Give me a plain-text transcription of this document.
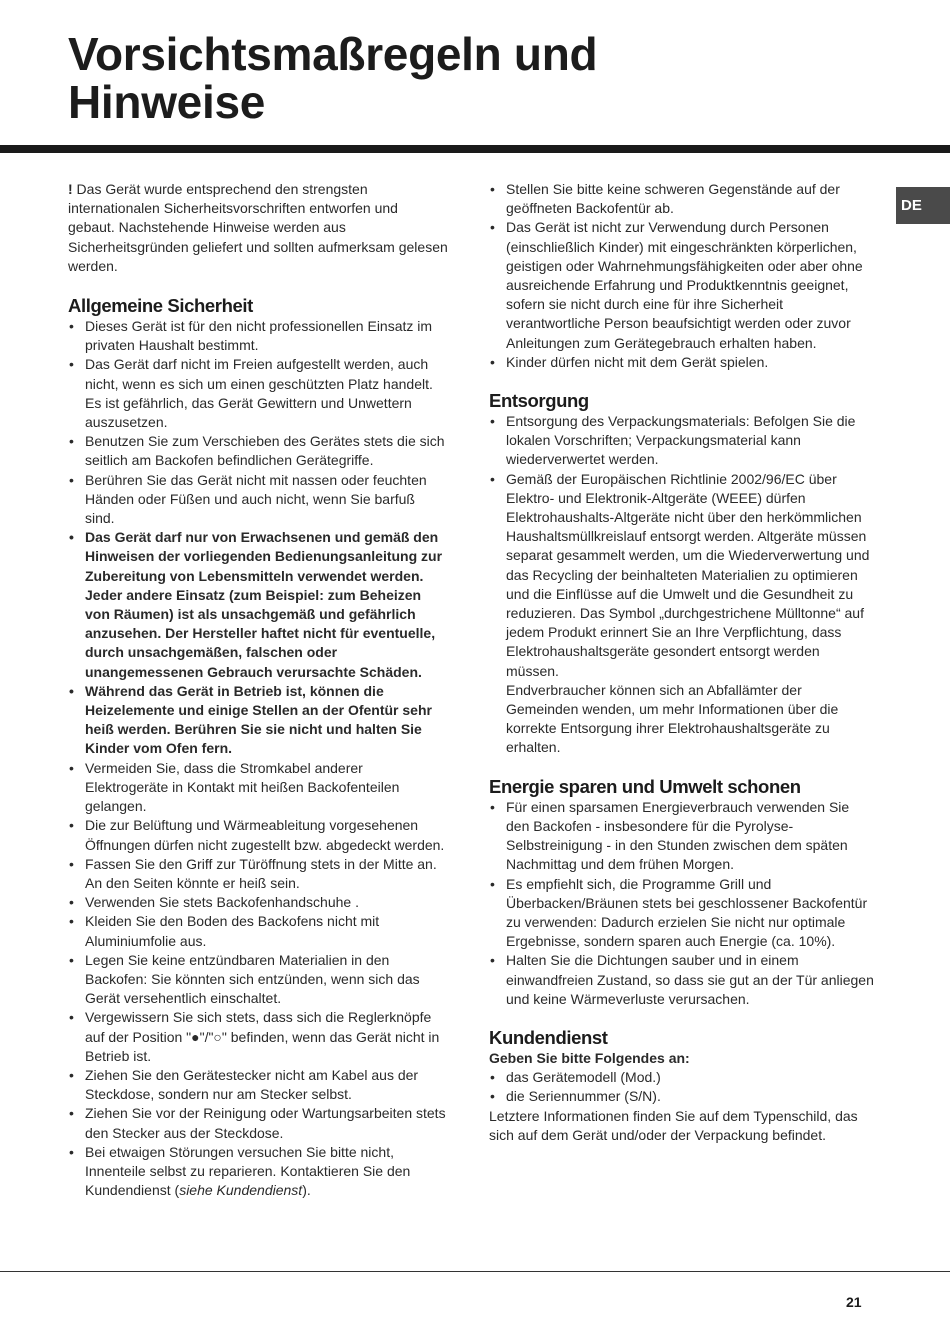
Vorsichtsmaßregeln und
Hinweise
DE

! Das Gerät wurde entsprechend den strengsten internationalen Sicherheitsvorschriften entworfen und gebaut. Nachstehende Hinweise werden aus Sicherheitsgründen geliefert und sollten aufmerksam gelesen werden.

Allgemeine Sicherheit
• Dieses Gerät ist für den nicht professionellen Einsatz im privaten Haushalt bestimmt.
• Das Gerät darf nicht im Freien aufgestellt werden, auch nicht, wenn es sich um einen geschützten Platz handelt. Es ist gefährlich, das Gerät Gewittern und Unwettern auszusetzen.
• Benutzen Sie zum Verschieben des Gerätes stets die sich seitlich am Backofen befindlichen Gerätegriffe.
• Berühren Sie das Gerät nicht mit nassen oder feuchten Händen oder Füßen und auch nicht, wenn Sie barfuß sind.
• Das Gerät darf nur von Erwachsenen und gemäß den Hinweisen der vorliegenden Bedienungsanleitung zur Zubereitung von Lebensmitteln verwendet werden. Jeder andere Einsatz (zum Beispiel: zum Beheizen von Räumen) ist als unsachgemäß und gefährlich anzusehen. Der Hersteller haftet nicht für eventuelle, durch unsachgemäßen, falschen oder unangemessenen Gebrauch verursachte Schäden.
• Während das Gerät in Betrieb ist, können die Heizelemente und einige Stellen an der Ofentür sehr heiß werden. Berühren Sie sie nicht und halten Sie Kinder vom Ofen fern.
• Vermeiden Sie, dass die Stromkabel anderer Elektrogeräte in Kontakt mit heißen Backofenteilen gelangen.
• Die zur Belüftung und Wärmeableitung vorgesehenen Öffnungen dürfen nicht zugestellt bzw. abgedeckt werden.
• Fassen Sie den Griff zur Türöffnung stets in der Mitte an. An den Seiten könnte er heiß sein.
• Verwenden Sie stets Backofenhandschuhe .
• Kleiden Sie den Boden des Backofens nicht mit Aluminiumfolie aus.
• Legen Sie keine entzündbaren Materialien in den Backofen: Sie könnten sich entzünden, wenn sich das Gerät versehentlich einschaltet.
• Vergewissern Sie sich stets, dass sich die Reglerknöpfe auf der Position "●"/"○" befinden, wenn das Gerät nicht in Betrieb ist.
• Ziehen Sie den Gerätestecker nicht am Kabel aus der Steckdose, sondern nur am Stecker selbst.
• Ziehen Sie vor der Reinigung oder Wartungsarbeiten stets den Stecker aus der Steckdose.
• Bei etwaigen Störungen versuchen Sie bitte nicht, Innenteile selbst zu reparieren. Kontaktieren Sie den Kundendienst (siehe Kundendienst).
• Stellen Sie bitte keine schweren Gegenstände auf der geöffneten Backofentür ab.
• Das Gerät ist nicht zur Verwendung durch Personen (einschließlich Kinder) mit eingeschränkten körperlichen, geistigen oder Wahrnehmungsfähigkeiten oder aber ohne ausreichende Erfahrung und Produktkenntnis geeignet, sofern sie nicht durch eine für ihre Sicherheit verantwortliche Person beaufsichtigt werden oder zuvor Anleitungen zum Gerätegebrauch erhalten haben.
• Kinder dürfen nicht mit dem Gerät spielen.
Entsorgung
• Entsorgung des Verpackungsmaterials: Befolgen Sie die lokalen Vorschriften; Verpackungsmaterial kann wiederverwertet werden.
• Gemäß der Europäischen Richtlinie 2002/96/EC über Elektro- und Elektronik-Altgeräte (WEEE) dürfen Elektrohaushalts-Altgeräte nicht über den herkömmlichen Haushaltsmüllkreislauf entsorgt werden. Altgeräte müssen separat gesammelt werden, um die Wiederverwertung und das Recycling der beinhalteten Materialien zu optimieren und die Einflüsse auf die Umwelt und die Gesundheit zu reduzieren. Das Symbol „durchgestrichene Mülltonne“ auf jedem Produkt erinnert Sie an Ihre Verpflichtung, dass Elektrohaushaltsgeräte gesondert entsorgt werden müssen.
Endverbraucher können sich an Abfallämter der Gemeinden wenden, um mehr Informationen über die korrekte Entsorgung ihrer Elektrohaushaltsgeräte zu erhalten.
Energie sparen und Umwelt schonen
• Für einen sparsamen Energieverbrauch verwenden Sie den Backofen - insbesondere für die Pyrolyse-Selbstreinigung - in den Stunden zwischen dem späten Nachmittag und dem frühen Morgen.
• Es empfiehlt sich, die Programme Grill und Überbacken/Bräunen stets bei geschlossener Backofentür zu verwenden: Dadurch erzielen Sie nicht nur optimale Ergebnisse, sondern sparen auch Energie (ca. 10%).
• Halten Sie die Dichtungen sauber und in einem einwandfreien Zustand, so dass sie gut an der Tür anliegen und keine Wärmeverluste verursachen.
Kundendienst

Geben Sie bitte Folgendes an:

• das Gerätemodell (Mod.)
• die Seriennummer (S/N).

Letztere Informationen finden Sie auf dem Typenschild, das sich auf dem Gerät und/oder der Verpackung befindet.

21
